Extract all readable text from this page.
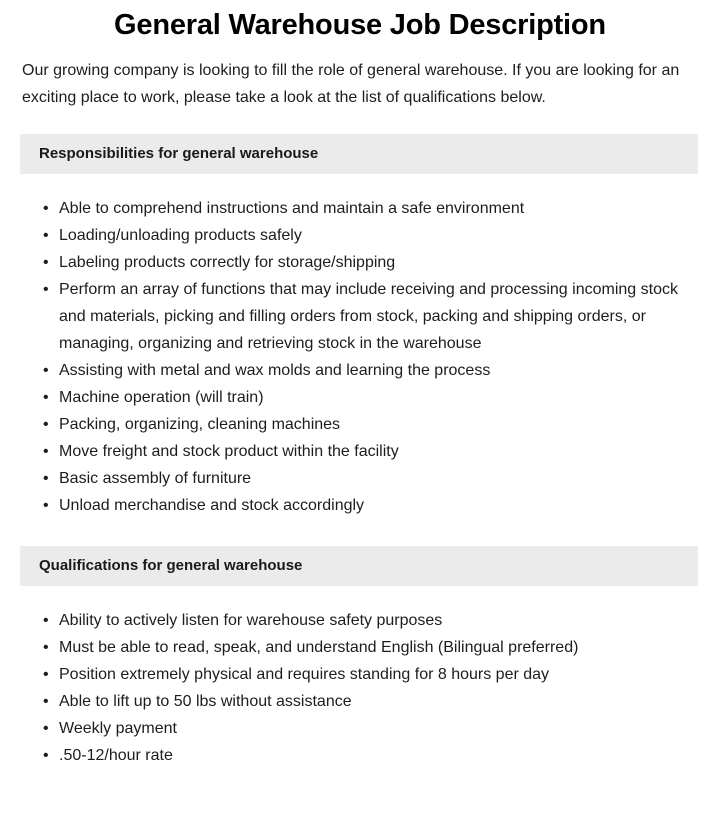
General Warehouse Job Description

Our growing company is looking to fill the role of general warehouse. If you are looking for an exciting place to work, please take a look at the list of qualifications below.

Responsibilities for general warehouse
• Able to comprehend instructions and maintain a safe environment
• Loading/unloading products safely
• Labeling products correctly for storage/shipping
• Perform an array of functions that may include receiving and processing incoming stock and materials, picking and filling orders from stock, packing and shipping orders, or managing, organizing and retrieving stock in the warehouse
• Assisting with metal and wax molds and learning the process
• Machine operation (will train)
• Packing, organizing, cleaning machines
• Move freight and stock product within the facility
• Basic assembly of furniture
• Unload merchandise and stock accordingly
Qualifications for general warehouse
• Ability to actively listen for warehouse safety purposes
• Must be able to read, speak, and understand English (Bilingual preferred)
• Position extremely physical and requires standing for 8 hours per day
• Able to lift up to 50 lbs without assistance
• Weekly payment
• .50-12/hour rate
